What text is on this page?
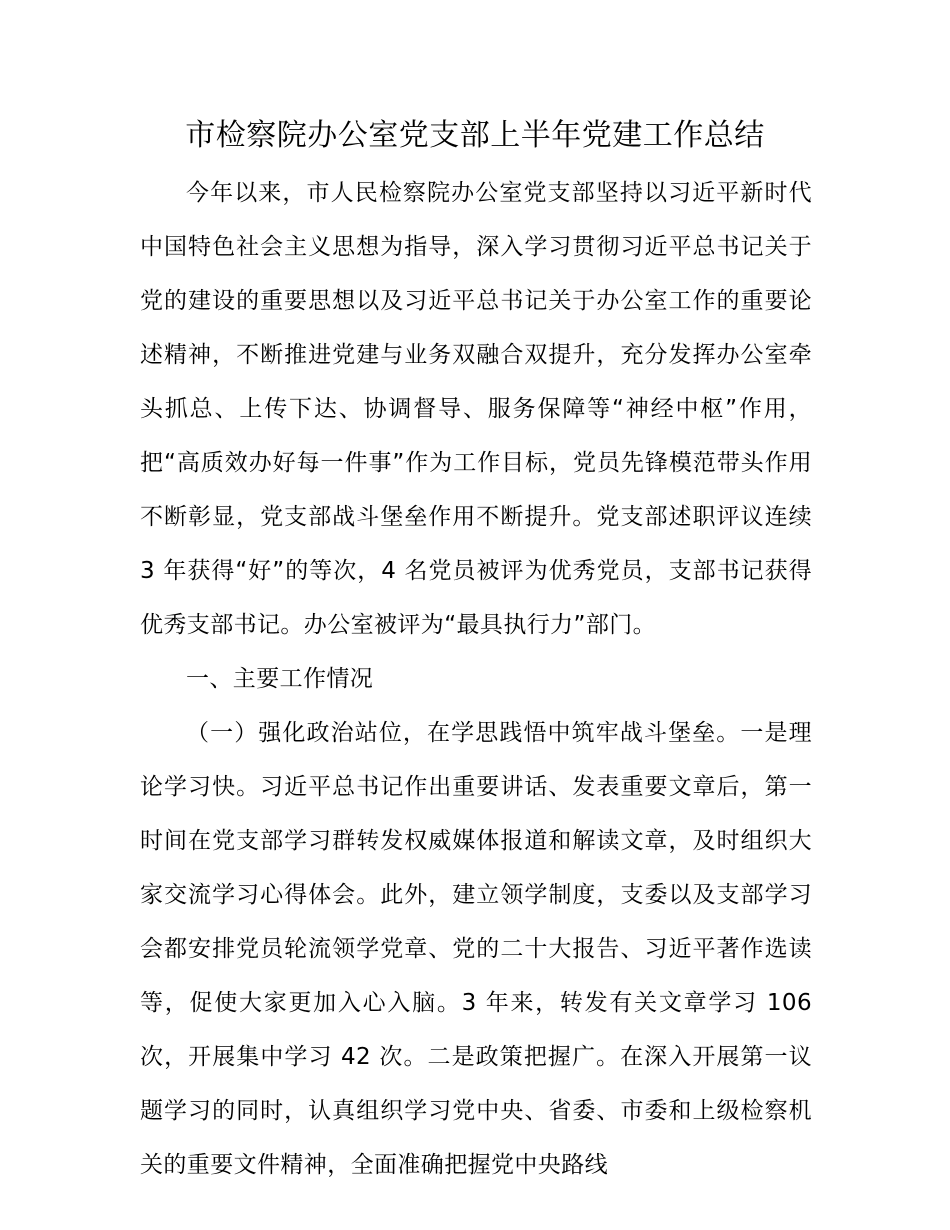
市检察院办公室党支部上半年党建工作总结

今年以来，市人民检察院办公室党支部坚持以习近平新时代中国特色社会主义思想为指导，深入学习贯彻习近平总书记关于党的建设的重要思想以及习近平总书记关于办公室工作的重要论述精神，不断推进党建与业务双融合双提升，充分发挥办公室牵头抓总、上传下达、协调督导、服务保障等“神经中枢”作用，把“高质效办好每一件事”作为工作目标，党员先锋模范带头作用不断彰显，党支部战斗堡垒作用不断提升。党支部述职评议连续 3 年获得“好”的等次，4 名党员被评为优秀党员，支部书记获得优秀支部书记。办公室被评为“最具执行力”部门。

一、主要工作情况

（一）强化政治站位，在学思践悟中筑牢战斗堡垒。一是理论学习快。习近平总书记作出重要讲话、发表重要文章后，第一时间在党支部学习群转发权威媒体报道和解读文章，及时组织大家交流学习心得体会。此外，建立领学制度，支委以及支部学习会都安排党员轮流领学党章、党的二十大报告、习近平著作选读等，促使大家更加入心入脑。3 年来，转发有关文章学习 106 次，开展集中学习 42 次。二是政策把握广。在深入开展第一议题学习的同时，认真组织学习党中央、省委、市委和上级检察机关的重要文件精神，全面准确把握党中央路线
